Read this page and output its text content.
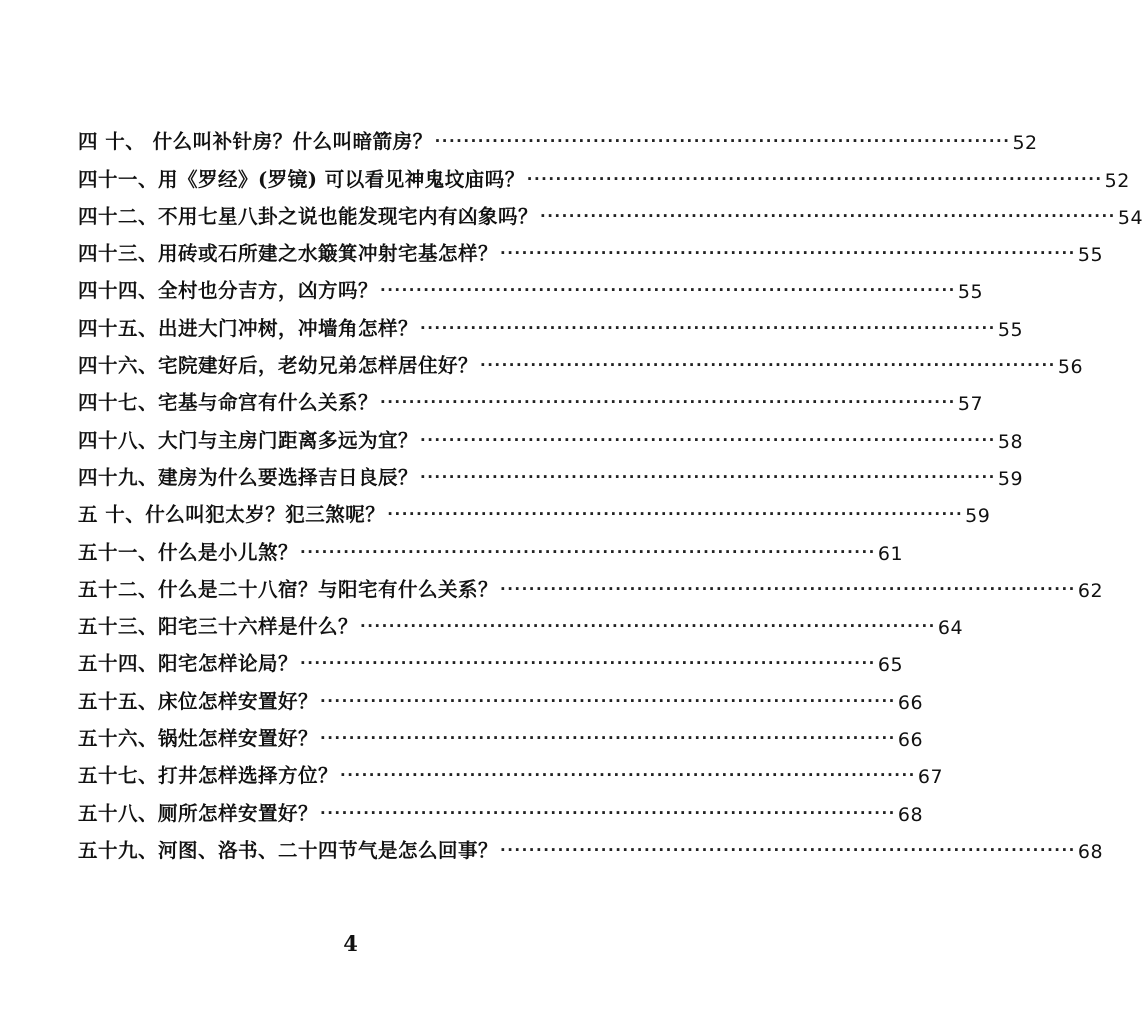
四 十、 什么叫补针房？什么叫暗箭房？ ················································································ 52
四十一、用《罗经》(罗镜) 可以看见神鬼坟庙吗？ ················································································ 52
四十二、不用七星八卦之说也能发现宅内有凶象吗？ ················································································ 54
四十三、用砖或石所建之水簸箕冲射宅基怎样？ ················································································ 55
四十四、全村也分吉方，凶方吗？ ················································································ 55
四十五、出进大门冲树，冲墙角怎样？ ················································································ 55
四十六、宅院建好后，老幼兄弟怎样居住好？ ················································································ 56
四十七、宅基与命宫有什么关系？ ················································································ 57
四十八、大门与主房门距离多远为宜？ ················································································ 58
四十九、建房为什么要选择吉日良辰？ ················································································ 59
五 十、什么叫犯太岁？犯三煞呢？ ················································································ 59
五十一、什么是小儿煞？ ················································································ 61
五十二、什么是二十八宿？与阳宅有什么关系？ ················································································ 62
五十三、阳宅三十六样是什么？ ················································································ 64
五十四、阳宅怎样论局？ ················································································ 65
五十五、床位怎样安置好？ ················································································ 66
五十六、锅灶怎样安置好？ ················································································ 66
五十七、打井怎样选择方位？ ················································································ 67
五十八、厕所怎样安置好？ ················································································ 68
五十九、河图、洛书、二十四节气是怎么回事？ ················································································ 68
4
